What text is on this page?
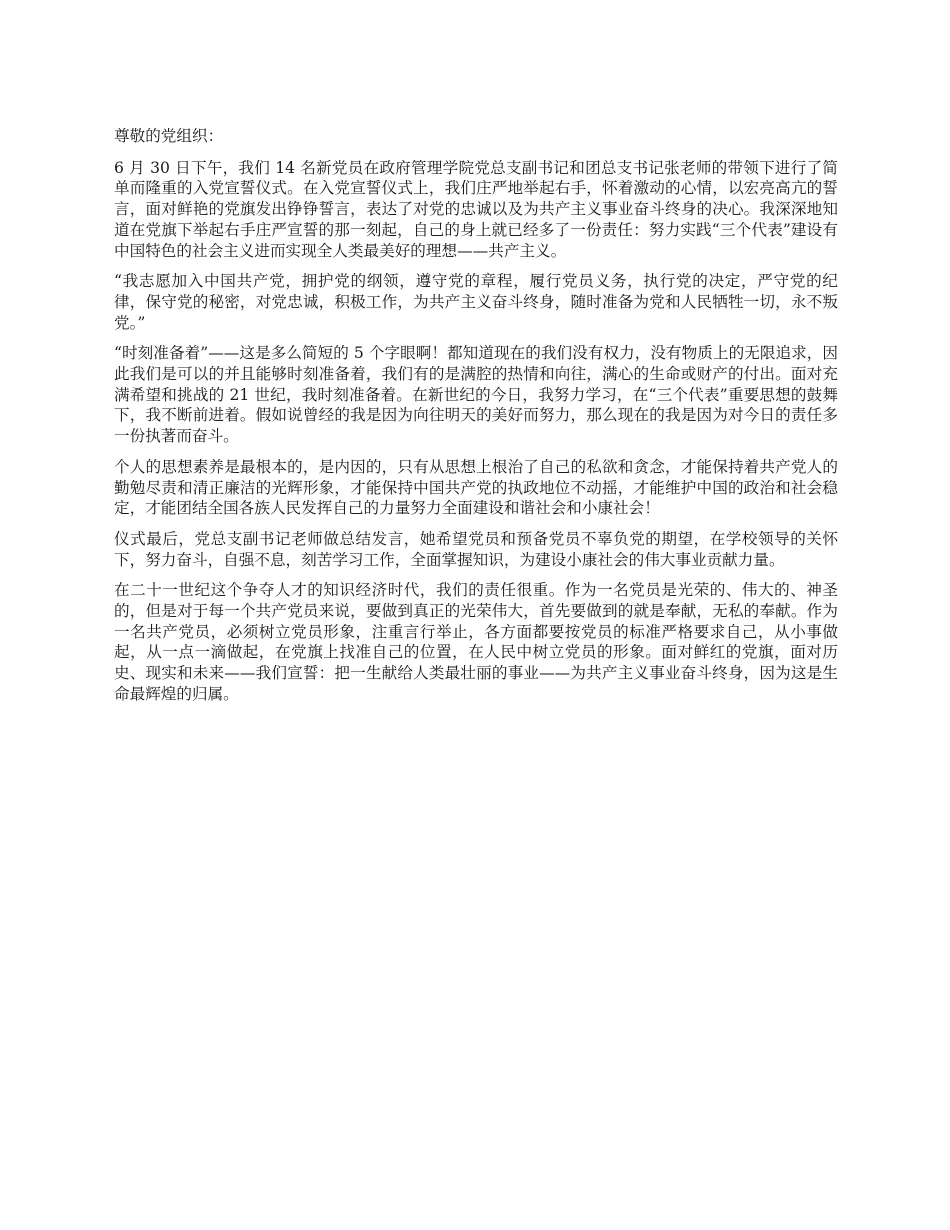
尊敬的党组织：

6 月 30 日下午，我们 14 名新党员在政府管理学院党总支副书记和团总支书记张老师的带领下进行了简单而隆重的入党宣誓仪式。在入党宣誓仪式上，我们庄严地举起右手，怀着激动的心情，以宏亮高亢的誓言，面对鲜艳的党旗发出铮铮誓言，表达了对党的忠诚以及为共产主义事业奋斗终身的决心。我深深地知道在党旗下举起右手庄严宣誓的那一刻起，自己的身上就已经多了一份责任：努力实践“三个代表”建设有中国特色的社会主义进而实现全人类最美好的理想——共产主义。

“我志愿加入中国共产党，拥护党的纲领，遵守党的章程，履行党员义务，执行党的决定，严守党的纪律，保守党的秘密，对党忠诚，积极工作，为共产主义奋斗终身，随时准备为党和人民牺牲一切，永不叛党。”

“时刻准备着”——这是多么简短的 5 个字眼啊！都知道现在的我们没有权力，没有物质上的无限追求，因此我们是可以的并且能够时刻准备着，我们有的是满腔的热情和向往，满心的生命或财产的付出。面对充满希望和挑战的 21 世纪，我时刻准备着。在新世纪的今日，我努力学习，在“三个代表”重要思想的鼓舞下，我不断前进着。假如说曾经的我是因为向往明天的美好而努力，那么现在的我是因为对今日的责任多一份执著而奋斗。

个人的思想素养是最根本的，是内因的，只有从思想上根治了自己的私欲和贪念，才能保持着共产党人的勤勉尽责和清正廉洁的光辉形象，才能保持中国共产党的执政地位不动摇，才能维护中国的政治和社会稳定，才能团结全国各族人民发挥自己的力量努力全面建设和谐社会和小康社会！

仪式最后，党总支副书记老师做总结发言，她希望党员和预备党员不辜负党的期望，在学校领导的关怀下，努力奋斗，自强不息，刻苦学习工作，全面掌握知识，为建设小康社会的伟大事业贡献力量。

在二十一世纪这个争夺人才的知识经济时代，我们的责任很重。作为一名党员是光荣的、伟大的、神圣的，但是对于每一个共产党员来说，要做到真正的光荣伟大，首先要做到的就是奉献，无私的奉献。作为一名共产党员，必须树立党员形象，注重言行举止，各方面都要按党员的标准严格要求自己，从小事做起，从一点一滴做起，在党旗上找准自己的位置，在人民中树立党员的形象。面对鲜红的党旗，面对历史、现实和未来——我们宣誓：把一生献给人类最壮丽的事业——为共产主义事业奋斗终身，因为这是生命最辉煌的归属。
